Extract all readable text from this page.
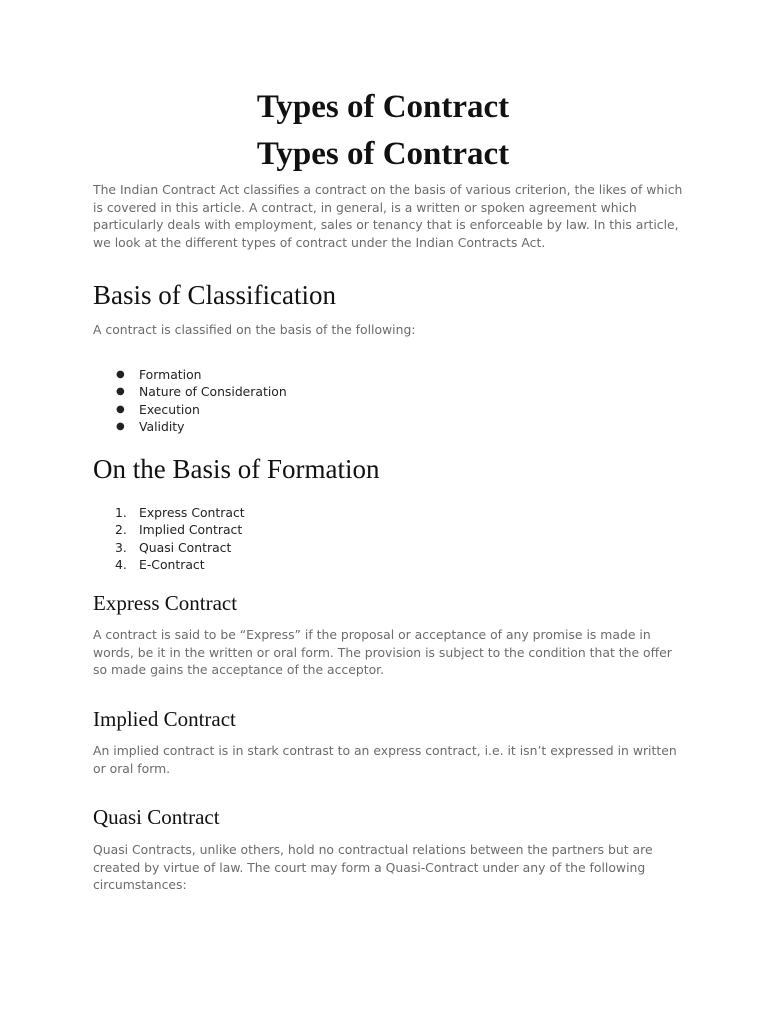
Types of Contract
Types of Contract

The Indian Contract Act classifies a contract on the basis of various criterion, the likes of which is covered in this article. A contract, in general, is a written or spoken agreement which particularly deals with employment, sales or tenancy that is enforceable by law. In this article, we look at the different types of contract under the Indian Contracts Act.

Basis of Classification

A contract is classified on the basis of the following:

● Formation
● Nature of Consideration
● Execution
● Validity
On the Basis of Formation
1. Express Contract
2. Implied Contract
3. Quasi Contract
4. E-Contract
Express Contract

A contract is said to be “Express” if the proposal or acceptance of any promise is made in words, be it in the written or oral form. The provision is subject to the condition that the offer so made gains the acceptance of the acceptor.

Implied Contract

An implied contract is in stark contrast to an express contract, i.e. it isn’t expressed in written or oral form.

Quasi Contract

Quasi Contracts, unlike others, hold no contractual relations between the partners but are created by virtue of law. The court may form a Quasi-Contract under any of the following circumstances:
